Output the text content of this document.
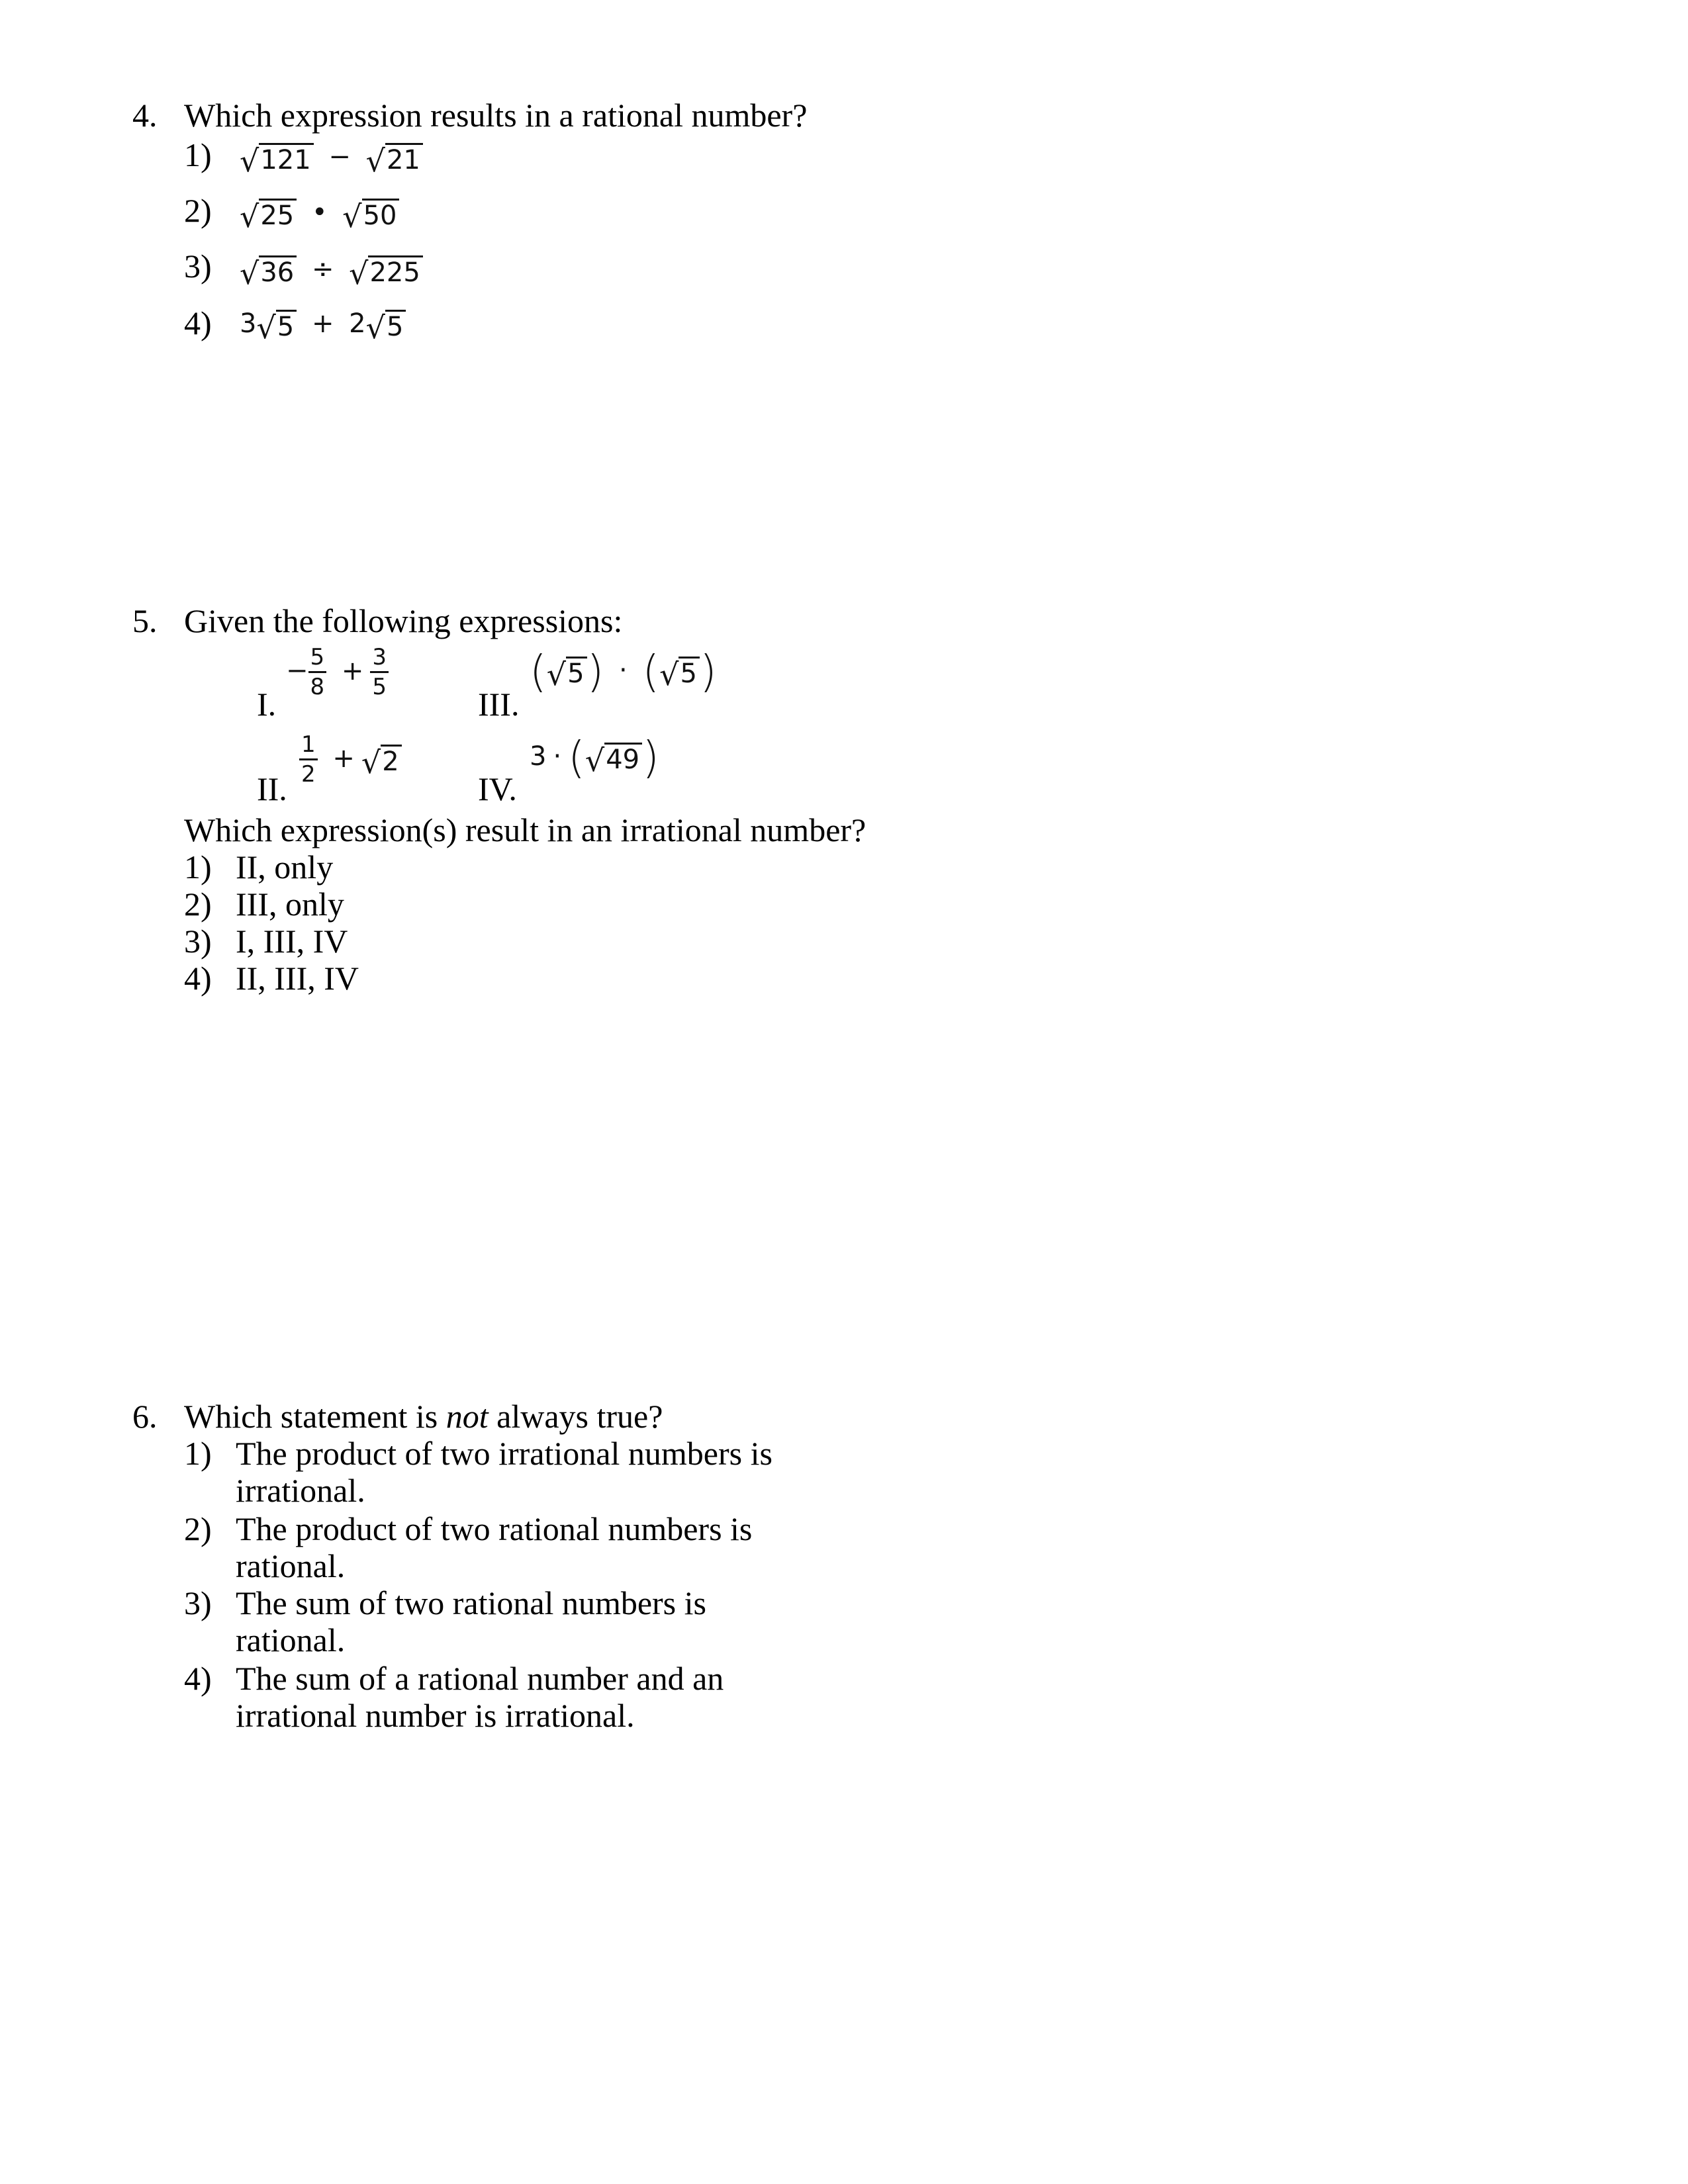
4. Which expression results in a rational number?
1) √ 121 − √ 21
2) √ 25 • √ 50
3) √ 36 ÷ √ 225
4) 3 √ 5 + 2 √ 5
5. Given the following expressions:
I.
− $\frac{5}{8} + \frac{3}{5}$
III.
( √ 5 ) · ( √ 5 )
II.
$\frac{1}{2}$ + √ 2
IV.
3 · ( √ 49 )
Which expression(s) result in an irrational number?
1) II, only
2) III, only
3) I, III, IV
4) II, III, IV
6. Which statement is not always true?
1) The product of two irrational numbers is
irrational.
2) The product of two rational numbers is
rational.
3) The sum of two rational numbers is
rational.
4) The sum of a rational number and an
irrational number is irrational.
